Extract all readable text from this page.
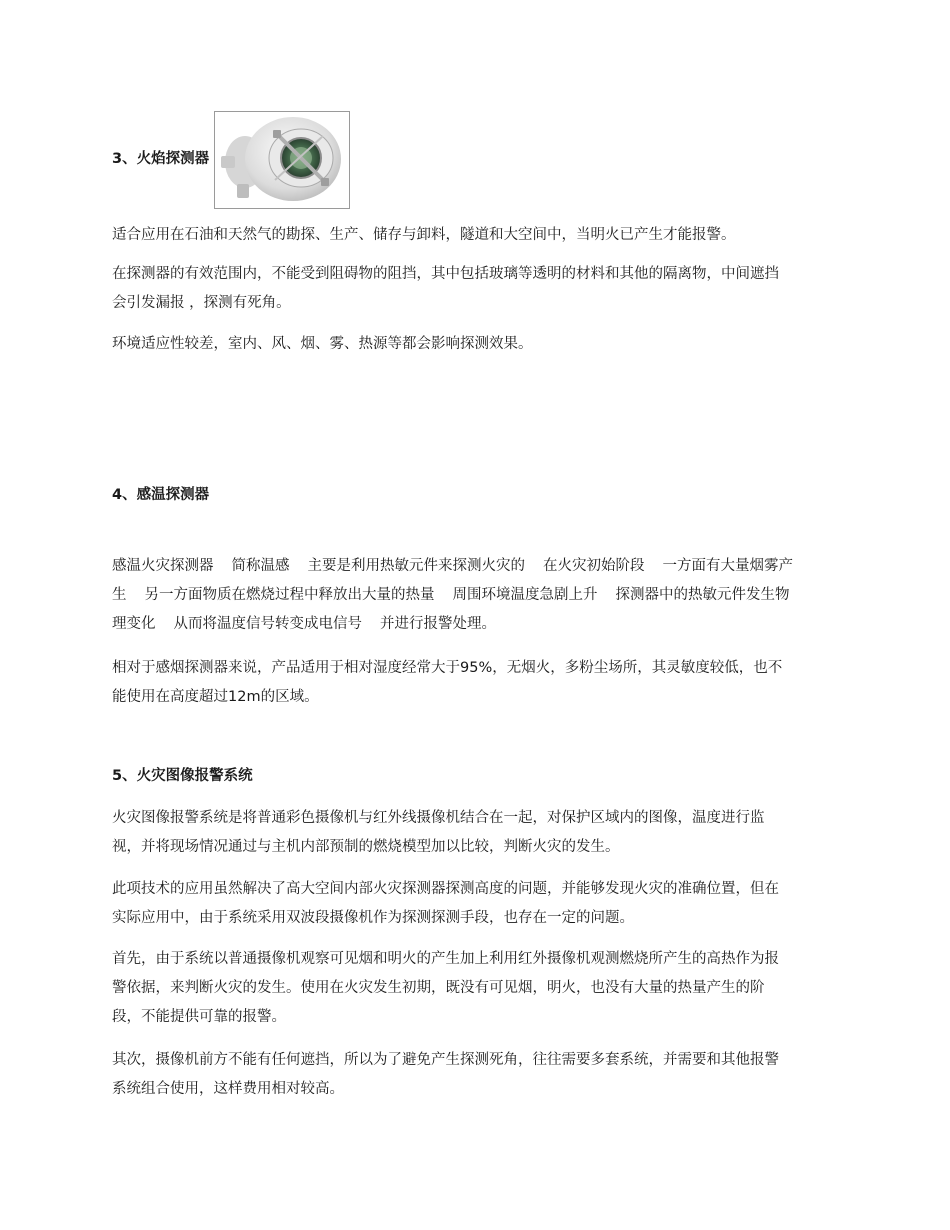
3、火焰探测器
适合应用在石油和天然气的勘探、生产、储存与卸料，隧道和大空间中，当明火已产生才能报警。
在探测器的有效范围内，不能受到阻碍物的阻挡，其中包括玻璃等透明的材料和其他的隔离物，中间遮挡
会引发漏报 ，探测有死角。
环境适应性较差，室内、风、烟、雾、热源等都会影响探测效果。
4、感温探测器
感温火灾探测器 简称温感 主要是利用热敏元件来探测火灾的 在火灾初始阶段 一方面有大量烟雾产
生 另一方面物质在燃烧过程中释放出大量的热量 周围环境温度急剧上升 探测器中的热敏元件发生物
理变化 从而将温度信号转变成电信号 并进行报警处理。
相对于感烟探测器来说，产品适用于相对湿度经常大于95%，无烟火，多粉尘场所，其灵敏度较低，也不
能使用在高度超过12m的区域。
5、火灾图像报警系统
火灾图像报警系统是将普通彩色摄像机与红外线摄像机结合在一起，对保护区域内的图像，温度进行监
视，并将现场情况通过与主机内部预制的燃烧模型加以比较，判断火灾的发生。
此项技术的应用虽然解决了高大空间内部火灾探测器探测高度的问题，并能够发现火灾的准确位置，但在
实际应用中，由于系统采用双波段摄像机作为探测探测手段，也存在一定的问题。
首先，由于系统以普通摄像机观察可见烟和明火的产生加上利用红外摄像机观测燃烧所产生的高热作为报
警依据，来判断火灾的发生。使用在火灾发生初期，既没有可见烟，明火，也没有大量的热量产生的阶
段，不能提供可靠的报警。
其次，摄像机前方不能有任何遮挡，所以为了避免产生探测死角，往往需要多套系统，并需要和其他报警
系统组合使用，这样费用相对较高。
